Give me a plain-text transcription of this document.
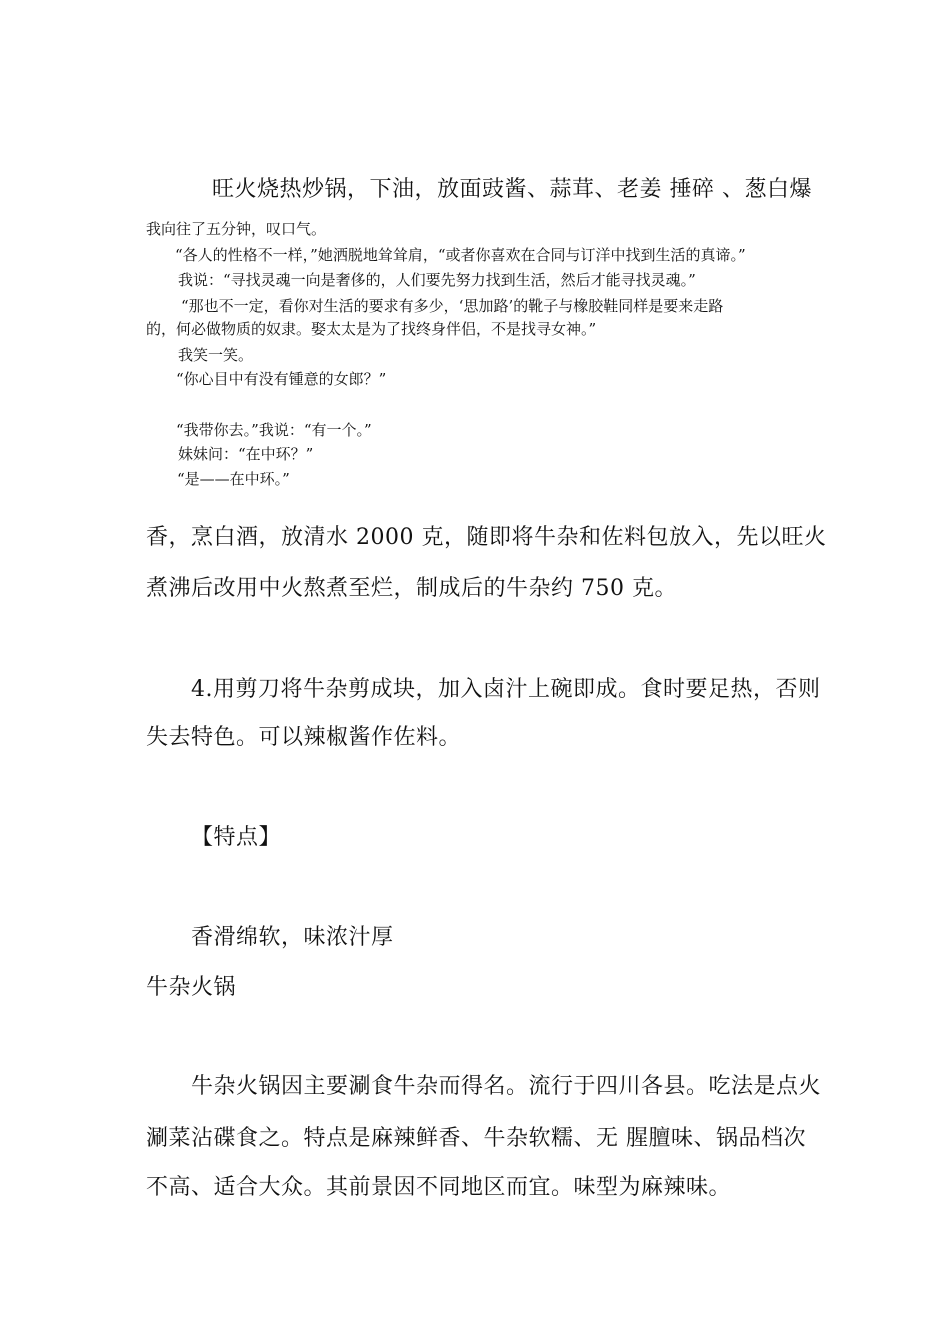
旺火烧热炒锅，下油，放面豉酱、蒜茸、老姜 捶碎 、葱白爆

我向往了五分钟，叹口气。

“各人的性格不一样，”她洒脱地耸耸肩，“或者你喜欢在合同与订洋中找到生活的真谛。”

我说：“寻找灵魂一向是奢侈的，人们要先努力找到生活，然后才能寻找灵魂。”

“那也不一定，看你对生活的要求有多少，‘思加路’的靴子与橡胶鞋同样是要来走路

的，何必做物质的奴隶。娶太太是为了找终身伴侣，不是找寻女神。”

我笑一笑。

“你心目中有没有锺意的女郎？”

“我带你去。”我说：“有一个。”

妹妹问：“在中环？”

“是——在中环。”

香，烹白酒，放清水 2000 克，随即将牛杂和佐料包放入，先以旺火

煮沸后改用中火熬煮至烂，制成后的牛杂约 750 克。

4.用剪刀将牛杂剪成块，加入卤汁上碗即成。食时要足热，否则

失去特色。可以辣椒酱作佐料。

【特点】

香滑绵软，味浓汁厚

牛杂火锅

牛杂火锅因主要涮食牛杂而得名。流行于四川各县。吃法是点火

涮菜沾碟食之。特点是麻辣鲜香、牛杂软糯、无 腥膻味、锅品档次

不高、适合大众。其前景因不同地区而宜。味型为麻辣味。
